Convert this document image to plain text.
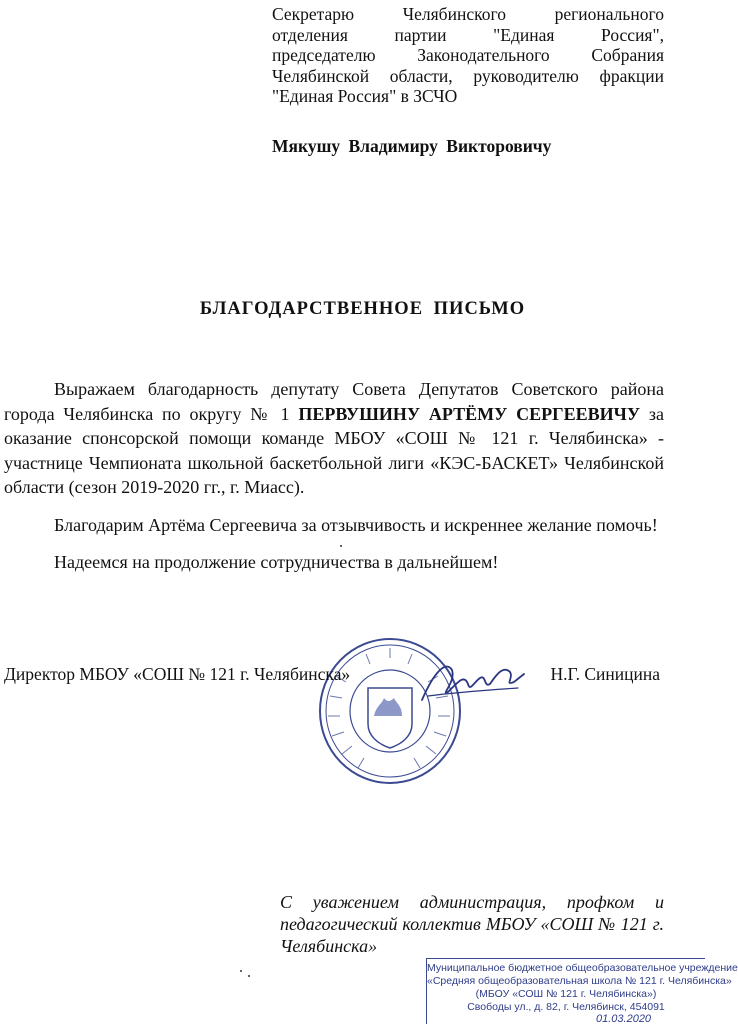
Секретарю Челябинского регионального
отделения партии "Единая Россия",
председателю Законодательного Собрания
Челябинской области, руководителю фракции
"Единая Россия" в ЗСЧО
Мякушу Владимиру Викторовичу
БЛАГОДАРСТВЕННОЕ ПИСЬМО

Выражаем благодарность депутату Совета Депутатов Советского района города Челябинска по округу № 1 ПЕРВУШИНУ АРТЁМУ СЕРГЕЕВИЧУ за оказание спонсорской помощи команде МБОУ «СОШ № 121 г. Челябинска» - участнице Чемпионата школьной баскетбольной лиги «КЭС-БАСКЕТ» Челябинской области (сезон 2019-2020 гг., г. Миасс).

Благодарим Артёма Сергеевича за отзывчивость и искреннее желание помочь!

Надеемся на продолжение сотрудничества в дальнейшем!

Директор МБОУ «СОШ № 121 г. Челябинска»	Н.Г. Синицина
С уважением администрация, профком и педагогический коллектив МБОУ «СОШ № 121 г. Челябинска»
Муниципальное бюджетное общеобразовательное учреждение
«Средняя общеобразовательная школа № 121 г. Челябинска»
(МБОУ «СОШ № 121 г. Челябинска»)
Свободы ул., д. 82, г. Челябинск, 454091
01.03.2020
